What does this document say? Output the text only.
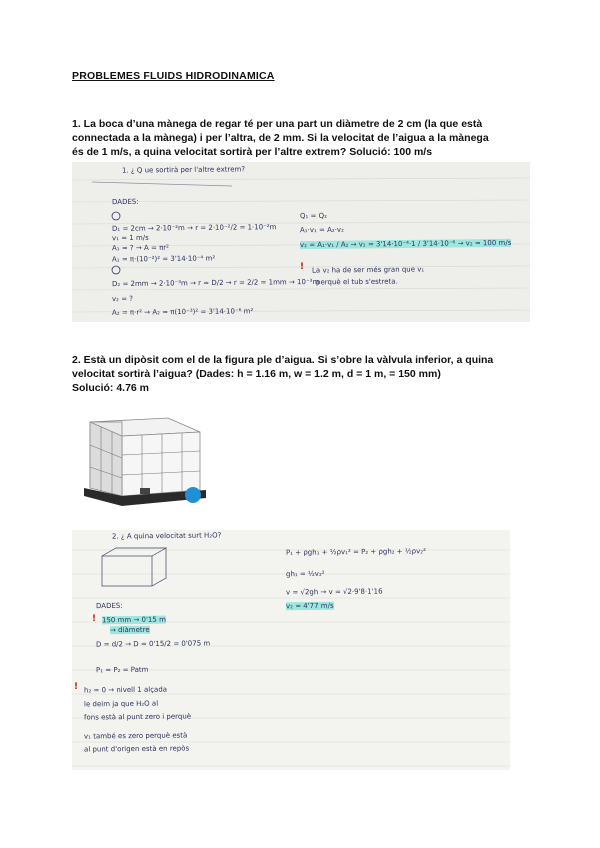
PROBLEMES FLUIDS HIDRODINAMICA
1. La boca d’una mànega de regar té per una part un diàmetre de 2 cm (la que està
connectada a la mànega) i per l’altra, de 2 mm. Si la velocitat de l’aigua a la mànega
és de 1 m/s, a quina velocitat sortirà per l’altre extrem? Solució: 100 m/s
1. ¿ Q ue sortirà per l'altre extrem?
DADES:
D₁ = 2cm → 2·10⁻²m → r = 2·10⁻²/2 = 1·10⁻²m
v₁ = 1 m/s
A₁ = ? → A = πr²
A₁ = π·(10⁻²)² = 3'14·10⁻⁴ m²
D₂ = 2mm → 2·10⁻³m → r = D/2 → r = 2/2 = 1mm → 10⁻³m
v₂ = ?
A₂ = π·r² → A₂ = π(10⁻³)² = 3'14·10⁻⁶ m²
Q₁ = Q₂
A₁·v₁ = A₂·v₂
v₂ = A₁·v₁ / A₂ → v₂ = 3'14·10⁻⁴·1 / 3'14·10⁻⁶ → v₂ = 100 m/s
! La v₂ ha de ser més gran que v₁
perquè el tub s'estreta.
2. Està un dipòsit com el de la figura ple d’aigua. Si s’obre la vàlvula inferior, a quina
velocitat sortirà l’aigua? (Dades: h = 1.16 m, w = 1.2 m, d = 1 m, = 150 mm)
Solució: 4.76 m
2. ¿ A quina velocitat surt H₂O?
DADES:
! 150 mm → 0'15 m
→ diàmetre
D = d/2 → D = 0'15/2 = 0'075 m
P₁ = P₂ = Patm
! h₂ = 0 → nivell 1 alçada
le deim ja que H₂O al
fons està al punt zero i perquè
v₁ també es zero perquè està
al punt d'origen està en repòs
P₁ + ρgh₁ + ½ρv₁² = P₂ + ρgh₂ + ½ρv₂²
gh₁ = ½v₂²
v = √2gh → v = √2·9'8·1'16
v₂ = 4'77 m/s
